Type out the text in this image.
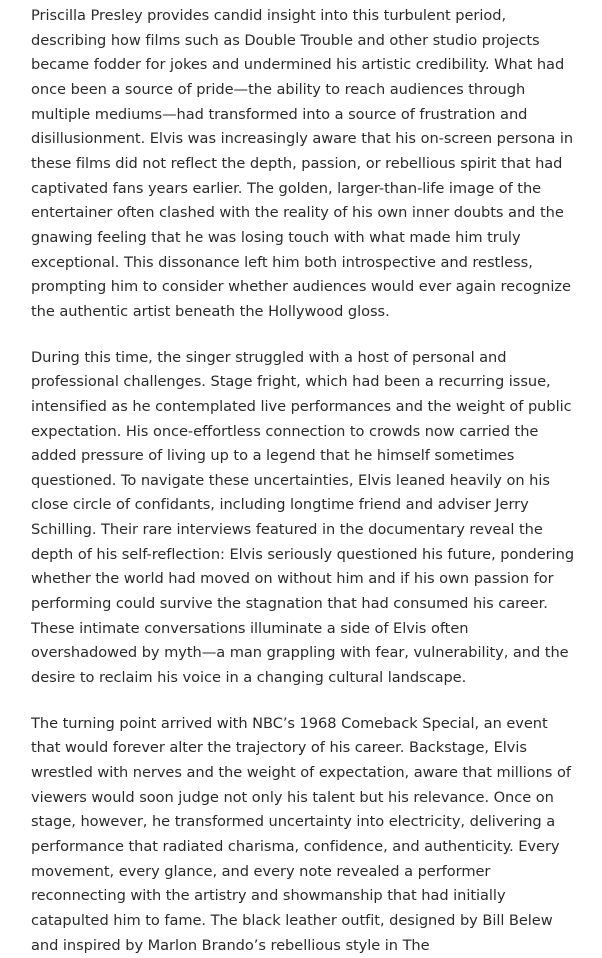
Priscilla Presley provides candid insight into this turbulent period, describing how films such as Double Trouble and other studio projects became fodder for jokes and undermined his artistic credibility. What had once been a source of pride—the ability to reach audiences through multiple mediums—had transformed into a source of frustration and disillusionment. Elvis was increasingly aware that his on-screen persona in these films did not reflect the depth, passion, or rebellious spirit that had captivated fans years earlier. The golden, larger-than-life image of the entertainer often clashed with the reality of his own inner doubts and the gnawing feeling that he was losing touch with what made him truly exceptional. This dissonance left him both introspective and restless, prompting him to consider whether audiences would ever again recognize the authentic artist beneath the Hollywood gloss.

During this time, the singer struggled with a host of personal and professional challenges. Stage fright, which had been a recurring issue, intensified as he contemplated live performances and the weight of public expectation. His once-effortless connection to crowds now carried the added pressure of living up to a legend that he himself sometimes questioned. To navigate these uncertainties, Elvis leaned heavily on his close circle of confidants, including longtime friend and adviser Jerry Schilling. Their rare interviews featured in the documentary reveal the depth of his self-reflection: Elvis seriously questioned his future, pondering whether the world had moved on without him and if his own passion for performing could survive the stagnation that had consumed his career. These intimate conversations illuminate a side of Elvis often overshadowed by myth—a man grappling with fear, vulnerability, and the desire to reclaim his voice in a changing cultural landscape.

The turning point arrived with NBC’s 1968 Comeback Special, an event that would forever alter the trajectory of his career. Backstage, Elvis wrestled with nerves and the weight of expectation, aware that millions of viewers would soon judge not only his talent but his relevance. Once on stage, however, he transformed uncertainty into electricity, delivering a performance that radiated charisma, confidence, and authenticity. Every movement, every glance, and every note revealed a performer reconnecting with the artistry and showmanship that had initially catapulted him to fame. The black leather outfit, designed by Bill Belew and inspired by Marlon Brando’s rebellious style in The
